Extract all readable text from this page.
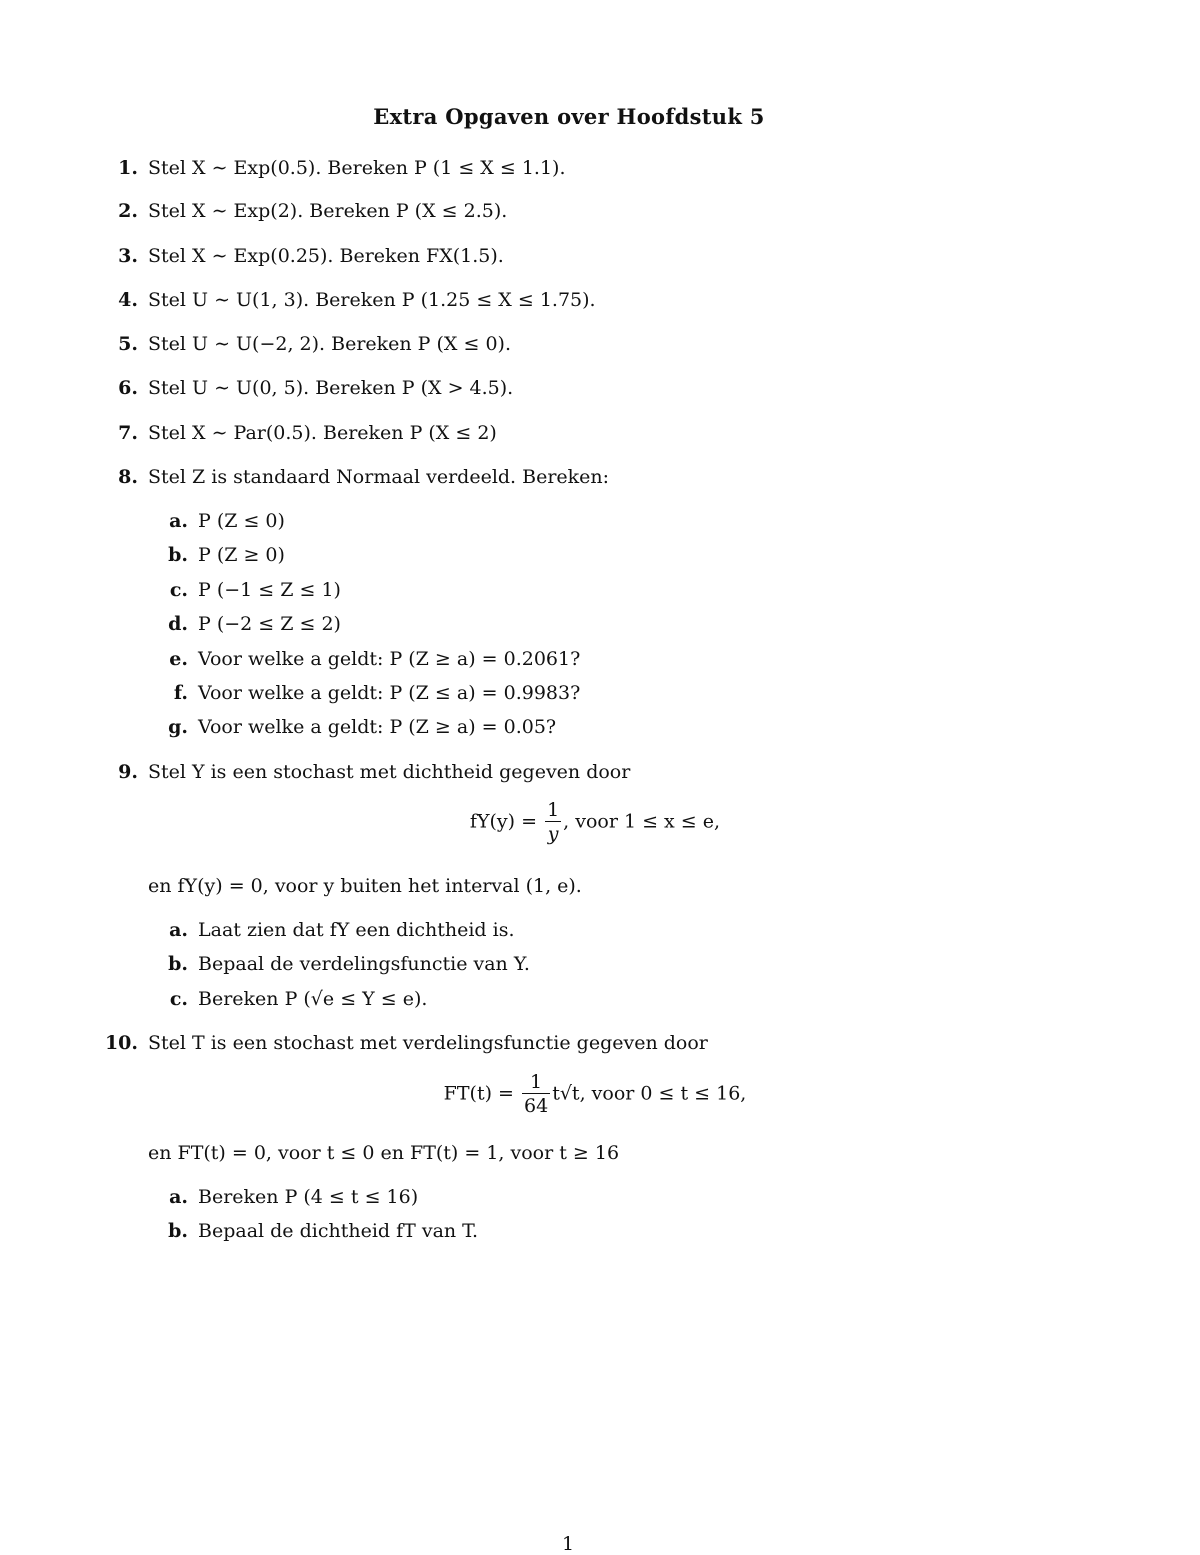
Extra Opgaven over Hoofdstuk 5
1. Stel X ∼ Exp(0.5). Bereken P (1 ≤ X ≤ 1.1).
2. Stel X ∼ Exp(2). Bereken P (X ≤ 2.5).
3. Stel X ∼ Exp(0.25). Bereken FX(1.5).
4. Stel U ∼ U(1, 3). Bereken P (1.25 ≤ X ≤ 1.75).
5. Stel U ∼ U(−2, 2). Bereken P (X ≤ 0).
6. Stel U ∼ U(0, 5). Bereken P (X > 4.5).
7. Stel X ∼ Par(0.5). Bereken P (X ≤ 2)
8. Stel Z is standaard Normaal verdeeld. Bereken:
a. P (Z ≤ 0)
b. P (Z ≥ 0)
c. P (−1 ≤ Z ≤ 1)
d. P (−2 ≤ Z ≤ 2)
e. Voor welke a geldt: P (Z ≥ a) = 0.2061?
f. Voor welke a geldt: P (Z ≤ a) = 0.9983?
g. Voor welke a geldt: P (Z ≥ a) = 0.05?
9. Stel Y is een stochast met dichtheid gegeven door
$fY(y) = \frac{1}{y}$ , voor 1 ≤ x ≤ e,
en fY(y) = 0, voor y buiten het interval (1, e).
a. Laat zien dat fY een dichtheid is.
b. Bepaal de verdelingsfunctie van Y.
c. Bereken P (√e ≤ Y ≤ e).
10. Stel T is een stochast met verdelingsfunctie gegeven door
$FT(t) = \frac{1}{64} t√t$, voor 0 ≤ t ≤ 16,
en FT(t) = 0, voor t ≤ 0 en FT(t) = 1, voor t ≥ 16
a. Bereken P (4 ≤ t ≤ 16)
b. Bepaal de dichtheid fT van T.
1
